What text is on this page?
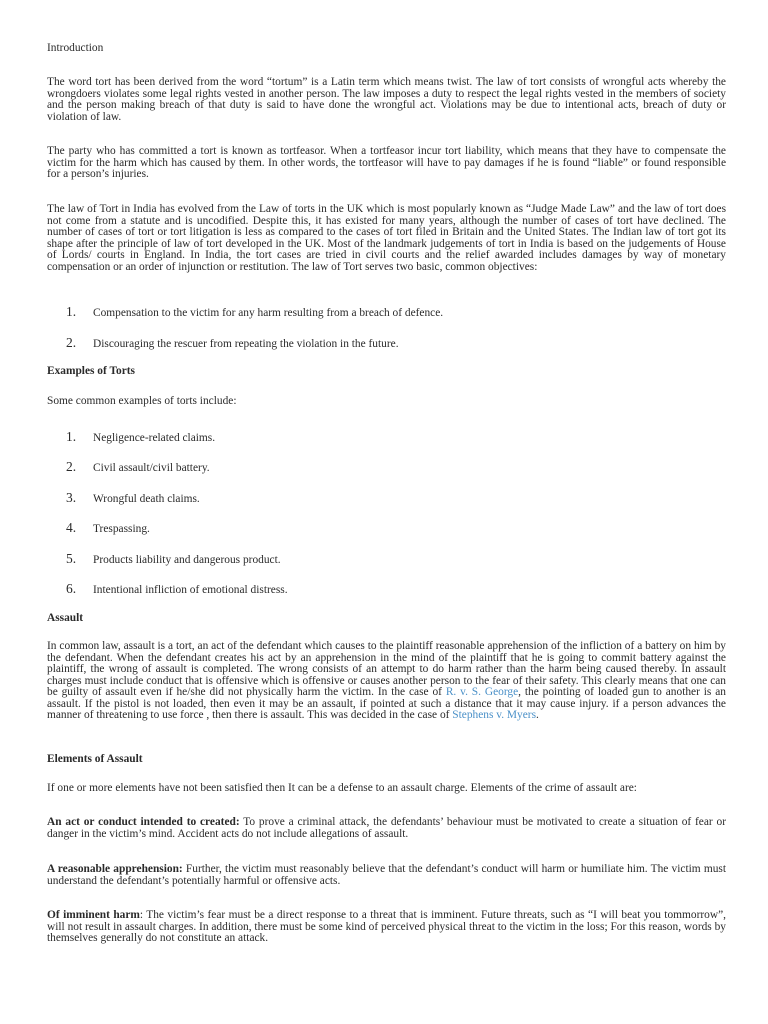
Introduction

The word tort has been derived from the word “tortum” is a Latin term which means twist. The law of tort consists of wrongful acts whereby the wrongdoers violates some legal rights vested in another person. The law imposes a duty to respect the legal rights vested in the members of society and the person making breach of that duty is said to have done the wrongful act. Violations may be due to intentional acts, breach of duty or violation of law.

The party who has committed a tort is known as tortfeasor. When a tortfeasor incur tort liability, which means that they have to compensate the victim for the harm which has caused by them. In other words, the tortfeasor will have to pay damages if he is found “liable” or found responsible for a person’s injuries.

The law of Tort in India has evolved from the Law of torts in the UK which is most popularly known as “Judge Made Law” and the law of tort does not come from a statute and is uncodified. Despite this, it has existed for many years, although the number of cases of tort have declined. The number of cases of tort or tort litigation is less as compared to the cases of tort filed in Britain and the United States. The Indian law of tort got its shape after the principle of law of tort developed in the UK. Most of the landmark judgements of tort in India is based on the judgements of House of Lords/ courts in England. In India, the tort cases are tried in civil courts and the relief awarded includes damages by way of monetary compensation or an order of injunction or restitution. The law of Tort serves two basic, common objectives:

1. Compensation to the victim for any harm resulting from a breach of defence.
2. Discouraging the rescuer from repeating the violation in the future.
Examples of Torts
Some common examples of torts include:
1. Negligence-related claims.
2. Civil assault/civil battery.
3. Wrongful death claims.
4. Trespassing.
5. Products liability and dangerous product.
6. Intentional infliction of emotional distress.
Assault

In common law, assault is a tort, an act of the defendant which causes to the plaintiff reasonable apprehension of the infliction of a battery on him by the defendant. When the defendant creates his act by an apprehension in the mind of the plaintiff that he is going to commit battery against the plaintiff, the wrong of assault is completed. The wrong consists of an attempt to do harm rather than the harm being caused thereby. In assault charges must include conduct that is offensive which is offensive or causes another person to the fear of their safety. This clearly means that one can be guilty of assault even if he/she did not physically harm the victim. In the case of R. v. S. George, the pointing of loaded gun to another is an assault. If the pistol is not loaded, then even it may be an assault, if pointed at such a distance that it may cause injury. if a person advances the manner of threatening to use force , then there is assault. This was decided in the case of Stephens v. Myers.

Elements of Assault
If one or more elements have not been satisfied then It can be a defense to an assault charge. Elements of the crime of assault are:

An act or conduct intended to created: To prove a criminal attack, the defendants’ behaviour must be motivated to create a situation of fear or danger in the victim’s mind. Accident acts do not include allegations of assault.

A reasonable apprehension: Further, the victim must reasonably believe that the defendant’s conduct will harm or humiliate him. The victim must understand the defendant’s potentially harmful or offensive acts.

Of imminent harm: The victim’s fear must be a direct response to a threat that is imminent. Future threats, such as “I will beat you tommorrow”, will not result in assault charges. In addition, there must be some kind of perceived physical threat to the victim in the loss; For this reason, words by themselves generally do not constitute an attack.
